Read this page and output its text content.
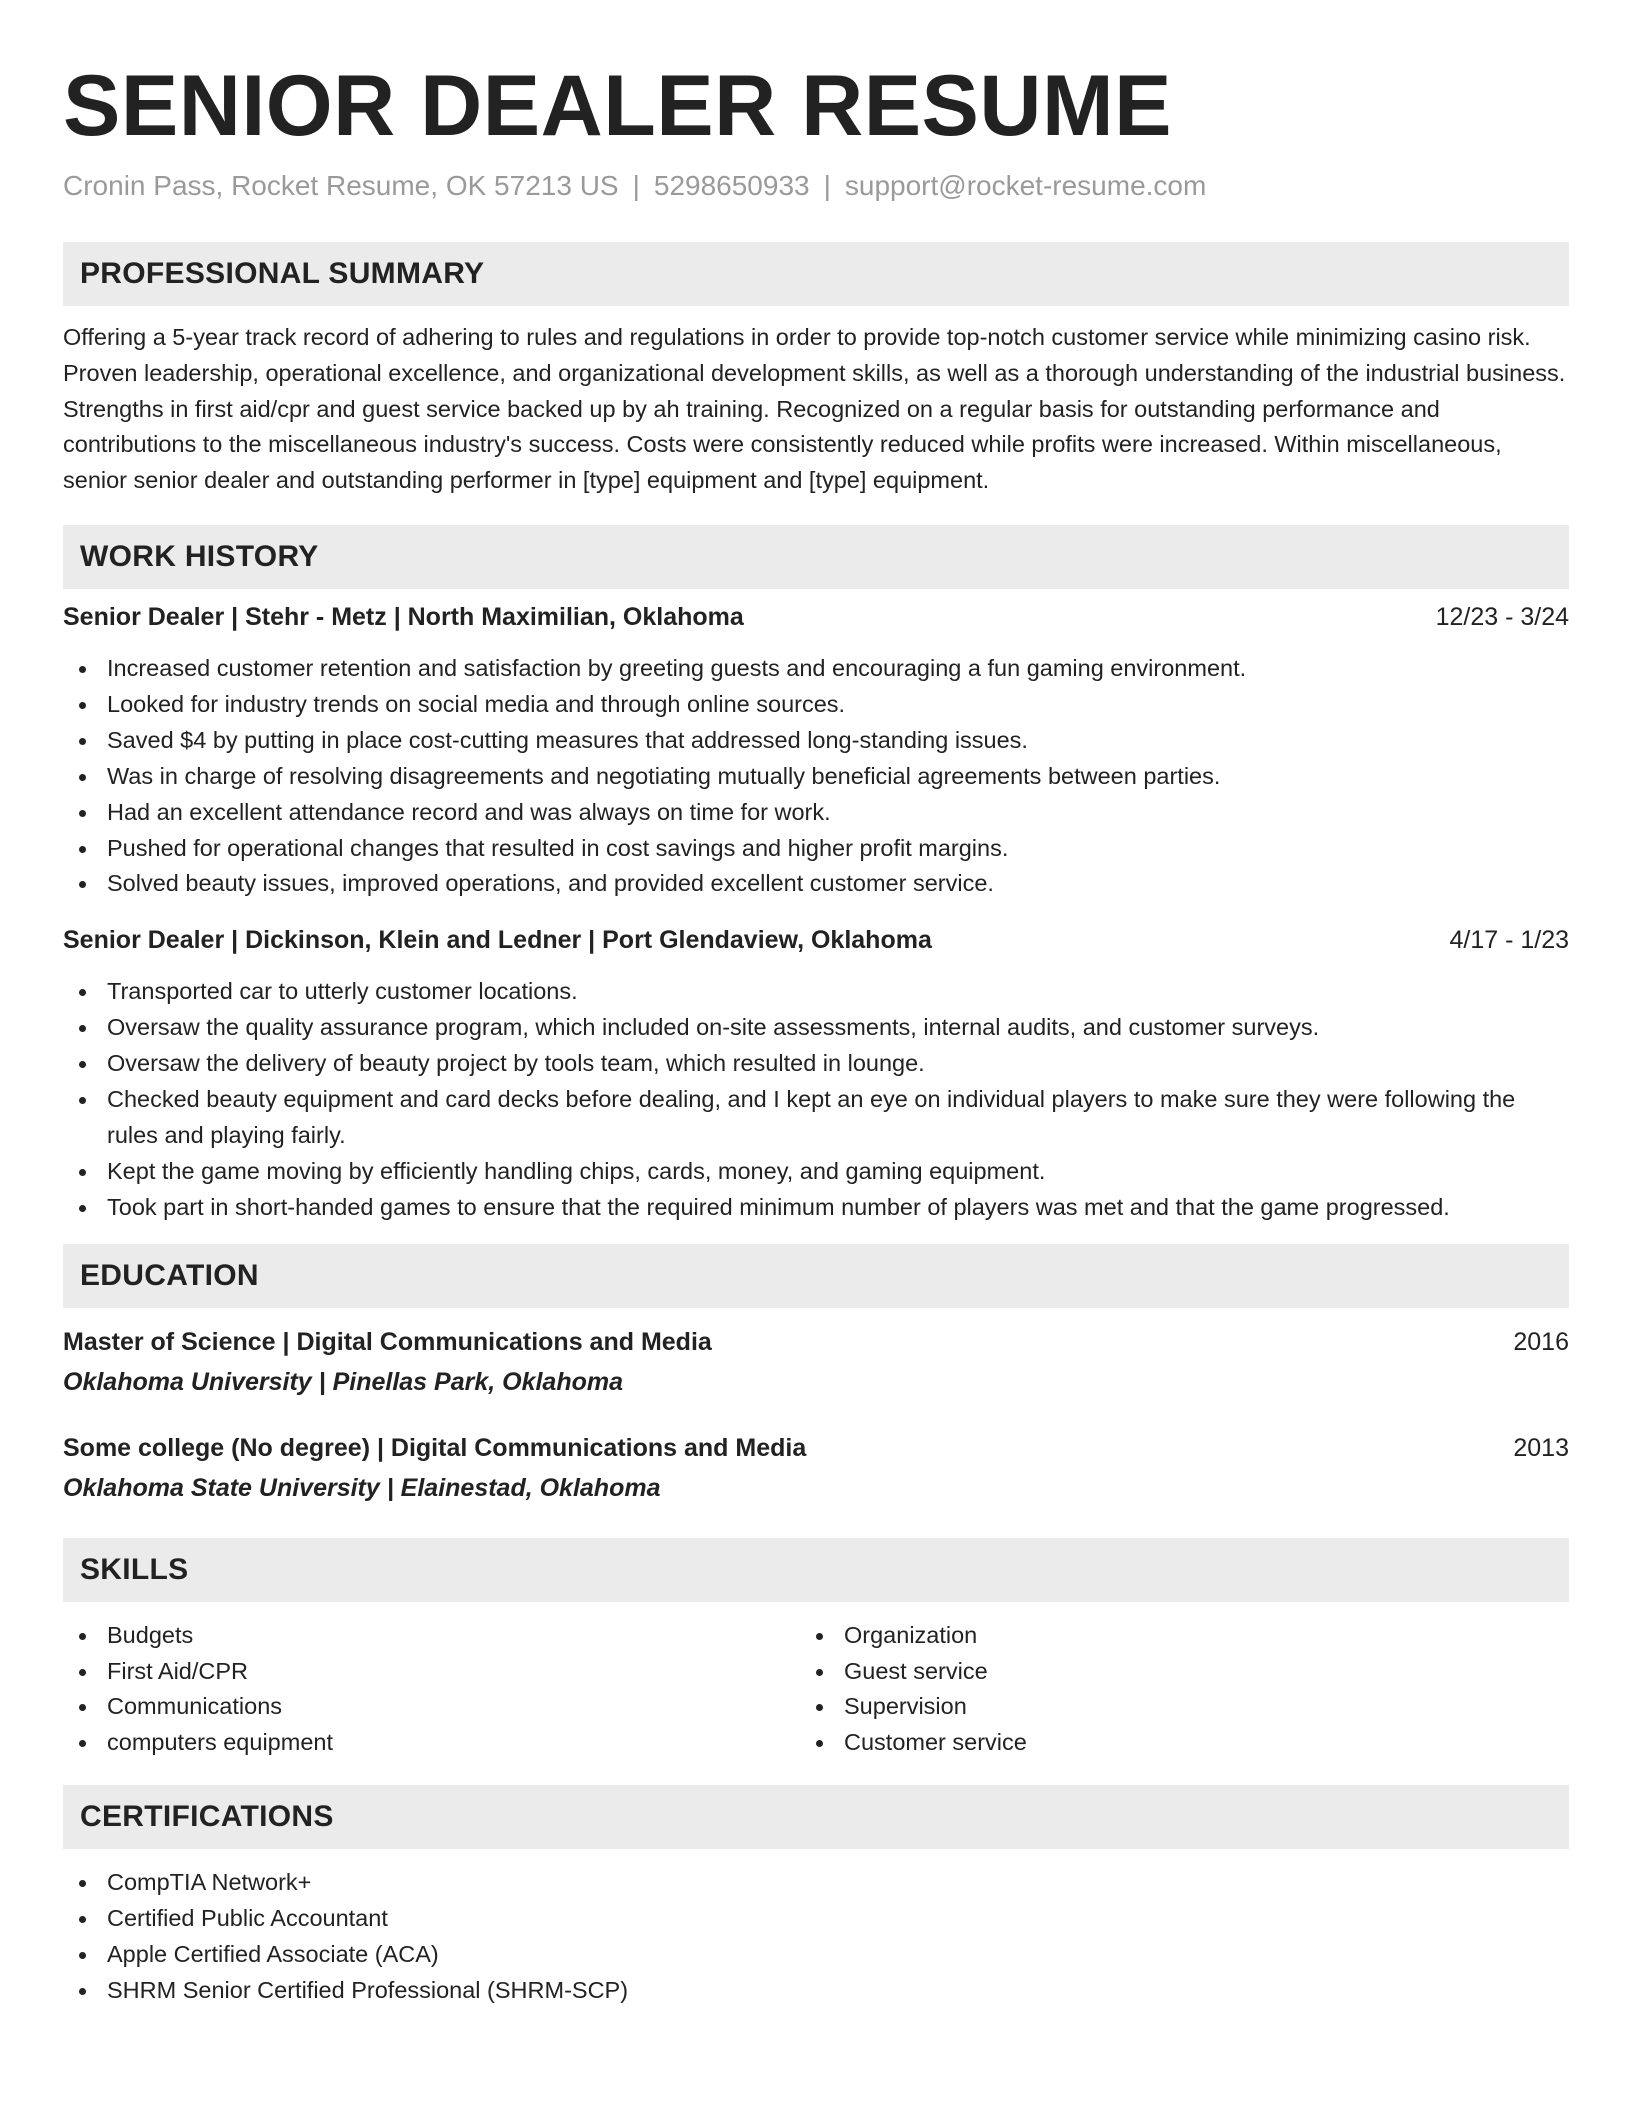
SENIOR DEALER RESUME
Cronin Pass, Rocket Resume, OK 57213 US | 5298650933 | support@rocket-resume.com
PROFESSIONAL SUMMARY

Offering a 5-year track record of adhering to rules and regulations in order to provide top-notch customer service while minimizing casino risk. Proven leadership, operational excellence, and organizational development skills, as well as a thorough understanding of the industrial business. Strengths in first aid/cpr and guest service backed up by ah training. Recognized on a regular basis for outstanding performance and contributions to the miscellaneous industry's success. Costs were consistently reduced while profits were increased. Within miscellaneous, senior senior dealer and outstanding performer in [type] equipment and [type] equipment.

WORK HISTORY
Senior Dealer | Stehr - Metz | North Maximilian, Oklahoma	12/23 - 3/24
Increased customer retention and satisfaction by greeting guests and encouraging a fun gaming environment.
Looked for industry trends on social media and through online sources.
Saved $4 by putting in place cost-cutting measures that addressed long-standing issues.
Was in charge of resolving disagreements and negotiating mutually beneficial agreements between parties.
Had an excellent attendance record and was always on time for work.
Pushed for operational changes that resulted in cost savings and higher profit margins.
Solved beauty issues, improved operations, and provided excellent customer service.
Senior Dealer | Dickinson, Klein and Ledner | Port Glendaview, Oklahoma	4/17 - 1/23
Transported car to utterly customer locations.
Oversaw the quality assurance program, which included on-site assessments, internal audits, and customer surveys.
Oversaw the delivery of beauty project by tools team, which resulted in lounge.
Checked beauty equipment and card decks before dealing, and I kept an eye on individual players to make sure they were following the rules and playing fairly.
Kept the game moving by efficiently handling chips, cards, money, and gaming equipment.
Took part in short-handed games to ensure that the required minimum number of players was met and that the game progressed.
EDUCATION
Master of Science | Digital Communications and Media	2016
Oklahoma University | Pinellas Park, Oklahoma
Some college (No degree) | Digital Communications and Media	2013
Oklahoma State University | Elainestad, Oklahoma
SKILLS
Budgets
First Aid/CPR
Communications
computers equipment
Organization
Guest service
Supervision
Customer service
CERTIFICATIONS
CompTIA Network+
Certified Public Accountant
Apple Certified Associate (ACA)
SHRM Senior Certified Professional (SHRM-SCP)
